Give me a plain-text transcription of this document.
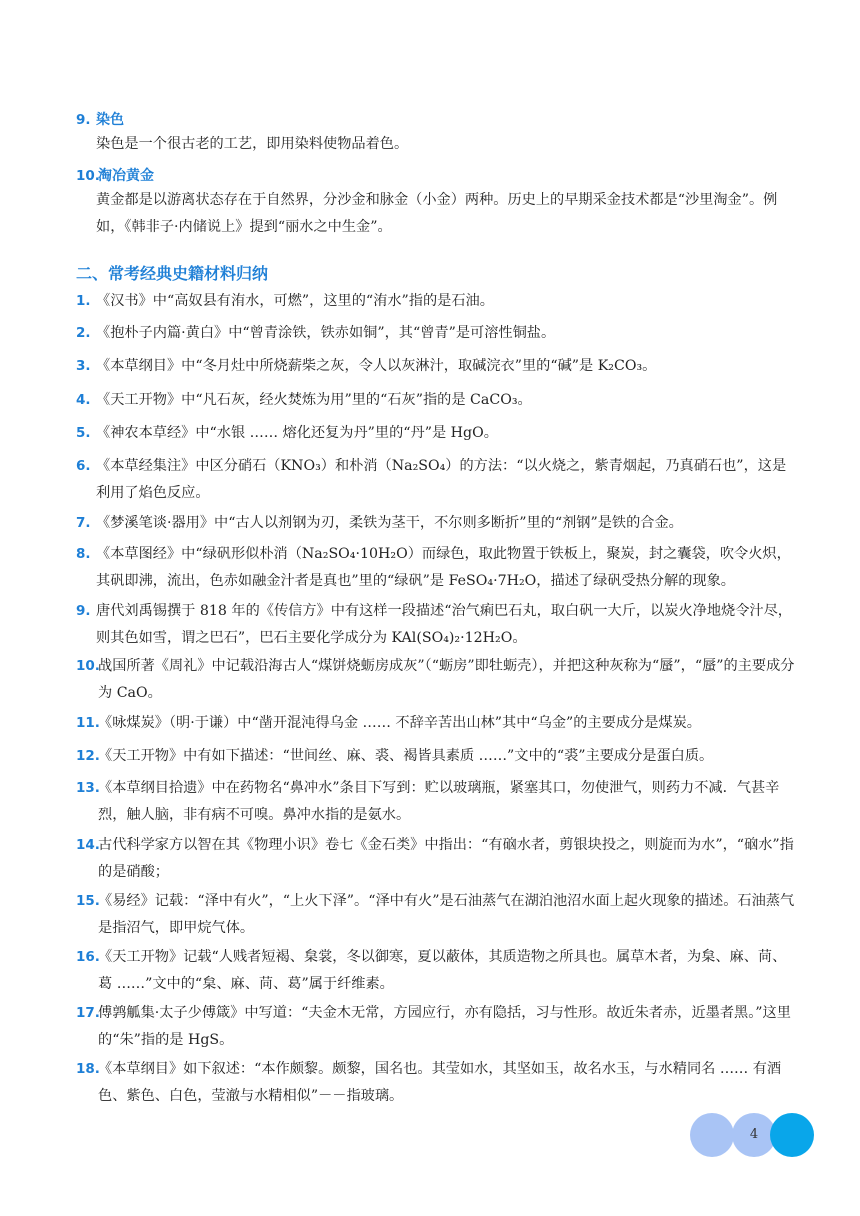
9. 染色
染色是一个很古老的工艺，即用染料使物品着色。
10.
淘冶黄金
黄金都是以游离状态存在于自然界，分沙金和脉金（小金）两种。历史上的早期采金技术都是“沙里淘金”。例如，《韩非子·内储说上》提到“丽水之中生金”。
二、常考经典史籍材料归纳
1. 《汉书》中“高奴县有洧水，可燃”，这里的“洧水”指的是石油。
2. 《抱朴子内篇·黄白》中“曾青涂铁，铁赤如铜”，其“曾青”是可溶性铜盐。
3. 《本草纲目》中“冬月灶中所烧薪柴之灰，令人以灰淋汁，取碱浣衣”里的“碱”是 K₂CO₃。
4. 《天工开物》中“凡石灰，经火焚炼为用”里的“石灰”指的是 CaCO₃。
5. 《神农本草经》中“水银 …… 熔化还复为丹”里的“丹”是 HgO。
6. 《本草经集注》中区分硝石（KNO₃）和朴消（Na₂SO₄）的方法：“以火烧之，紫青烟起，乃真硝石也”，这是利用了焰色反应。
7. 《梦溪笔谈·器用》中“古人以剂钢为刃，柔铁为茎干，不尔则多断折”里的“剂钢”是铁的合金。
8. 《本草图经》中“绿矾形似朴消（Na₂SO₄·10H₂O）而绿色，取此物置于铁板上，聚炭，封之囊袋，吹令火炽，其矾即沸，流出，色赤如融金汁者是真也”里的“绿矾”是 FeSO₄·7H₂O，描述了绿矾受热分解的现象。
9. 唐代刘禹锡撰于 818 年的《传信方》中有这样一段描述“治气痢巴石丸，取白矾一大斤，以炭火净地烧令汁尽，则其色如雪，谓之巴石”，巴石主要化学成分为 KAl(SO₄)₂·12H₂O。
10.
战国所著《周礼》中记载沿海古人“煤饼烧蛎房成灰”（“蛎房”即牡蛎壳），并把这种灰称为“蜃”，“蜃”的主要成分为 CaO。
11.
《咏煤炭》（明·于谦）中“凿开混沌得乌金 …… 不辞辛苦出山林”其中“乌金”的主要成分是煤炭。
12.
《天工开物》中有如下描述：“世间丝、麻、裘、褐皆具素质 ……”文中的“裘”主要成分是蛋白质。
13.
《本草纲目拾遗》中在药物名“鼻冲水”条目下写到：贮以玻璃瓶，紧塞其口，勿使泄气，则药力不减．气甚辛烈，触人脑，非有病不可嗅。鼻冲水指的是氨水。
14.
古代科学家方以智在其《物理小识》卷七《金石类》中指出：“有硇水者，剪银块投之，则旋而为水”，“硇水”指的是硝酸；
15.
《易经》记载：“泽中有火”，“上火下泽”。“泽中有火”是石油蒸气在湖泊池沼水面上起火现象的描述。石油蒸气是指沼气，即甲烷气体。
16.
《天工开物》记载“人贱者短褐、枲裳，冬以御寒，夏以蔽体，其质造物之所具也。属草木者，为枲、麻、苘、葛 ……”文中的“枲、麻、苘、葛”属于纤维素。
17.
傅鹑觚集·太子少傅箴》中写道：“夫金木无常，方园应行，亦有隐括，习与性形。故近朱者赤，近墨者黑。”这里的“朱”指的是 HgS。
18.
《本草纲目》如下叙述：“本作颇黎。颇黎，国名也。其莹如水，其坚如玉，故名水玉，与水精同名 …… 有酒色、紫色、白色，莹澈与水精相似”－－指玻璃。
4
